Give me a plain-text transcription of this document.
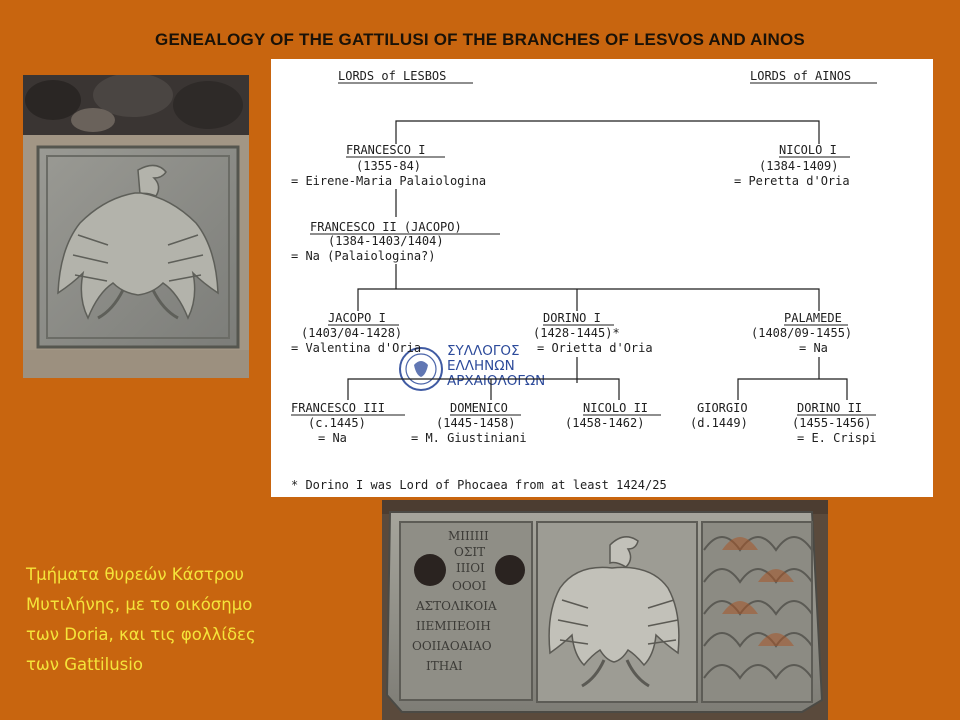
GENEALOGY OF THE GATTILUSI OF THE BRANCHES OF LESVOS AND AINOS
ΣΥΛΛΟΓΟΣ
ΕΛΛΗΝΩΝ
ΑΡΧΑΙΟΛΟΓΩΝ
LORDS of LESBOS	LORDS of AINOS
FRANCESCO I
(1355-84)
= Eirene-Maria Palaiologina
NICOLO I
(1384-1409)
= Peretta d'Oria
FRANCESCO II (JACOPO)
(1384-1403/1404)
= Na (Palaiologina?)
JACOPO I
(1403/04-1428)
= Valentina d'Oria
DORINO I
(1428-1445)*
= Orietta d'Oria
PALAMEDE
(1408/09-1455)
= Na
FRANCESCO III
(c.1445)
= Na
DOMENICO
(1445-1458)
= M. Giustiniani
NICOLO II
(1458-1462)
GIORGIO
(d.1449)
DORINO II
(1455-1456)
= E. Crispi
* Dorino I was Lord of Phocaea from at least 1424/25
ΜΙΙΙΙΙΙ
ΟΣΙΤ
ΙΙΙΟΙ
ΟΟΟΙ
ΑΣΤΟΛΙΚΟΙΑ
ΙΙΕΜΠΕΟΙΗ
ΟΟΙΙΑΟΑΙΑΟ
ΙΤΗΑΙ
Τμήματα θυρεών Κάστρου
Μυτιλήνης, με το οικόσημο
των Doria, και τις φολλίδες
των Gattilusio
